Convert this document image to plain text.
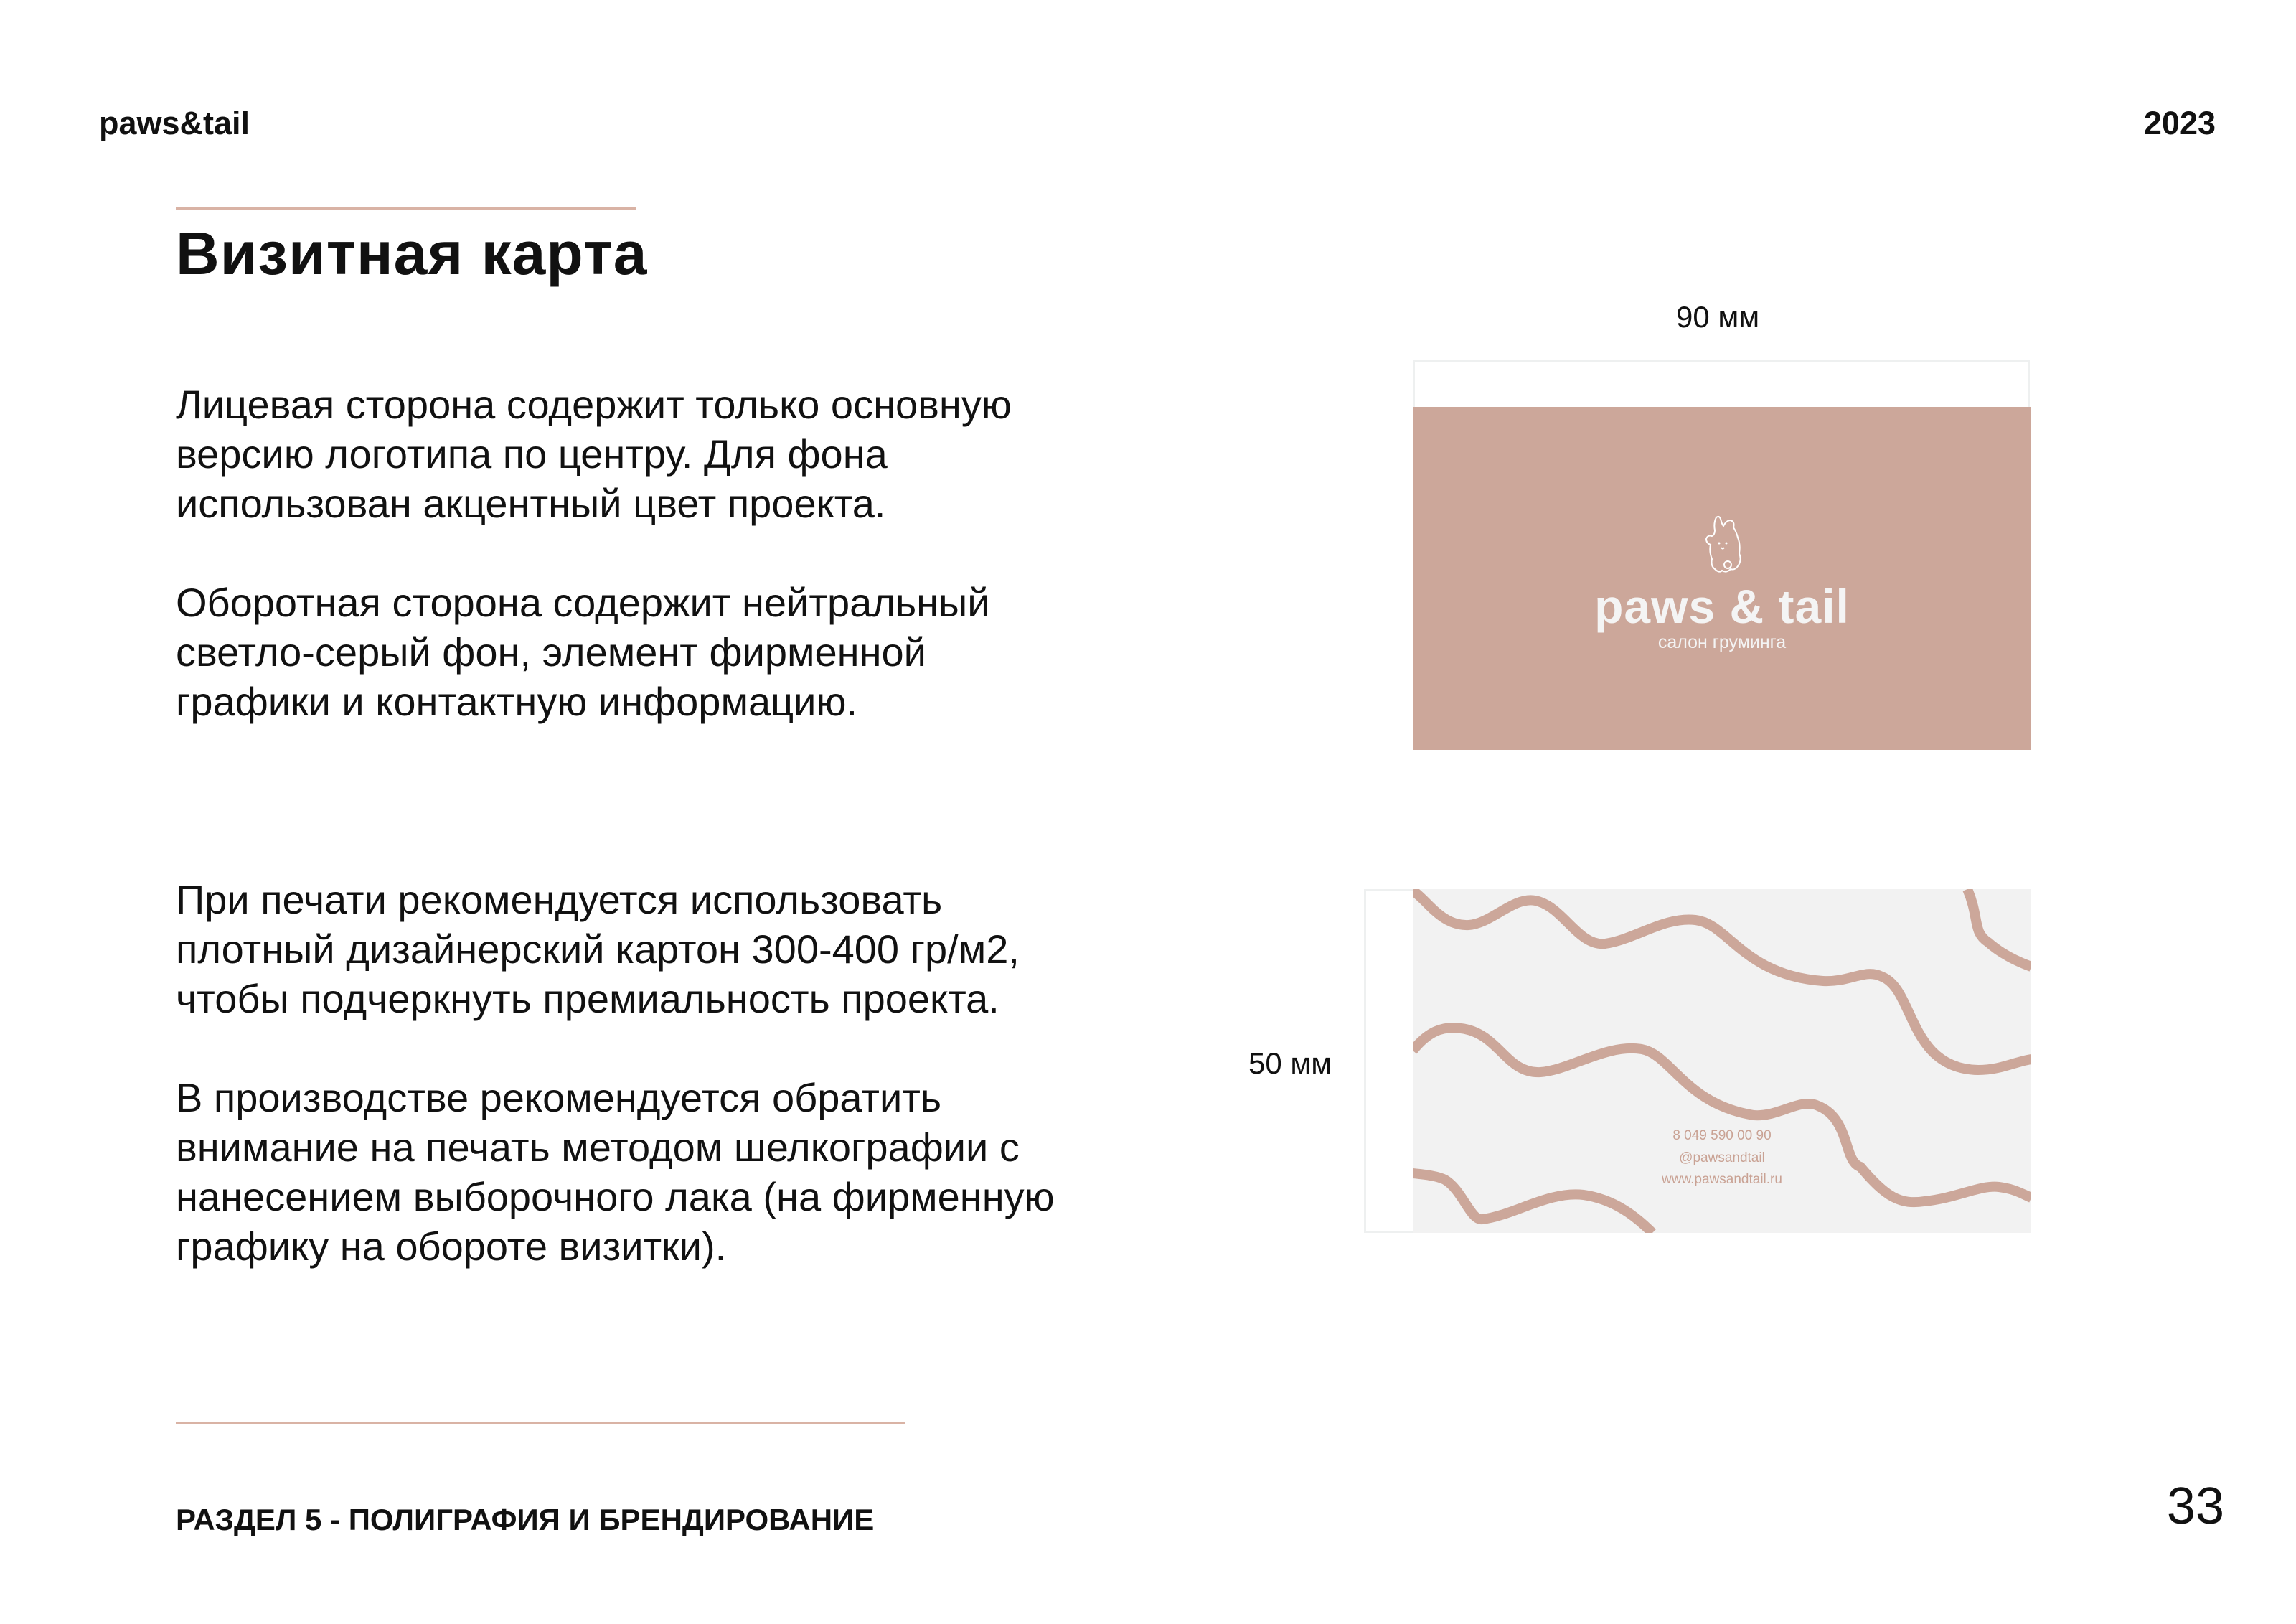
paws&tail	2023
Визитная карта
Лицевая сторона содержит только основную
версию логотипа по центру. Для фона
использован акцентный цвет проекта.
Оборотная сторона содержит нейтральный
светло-серый фон, элемент фирменной
графики и контактную информацию.
При печати рекомендуется использовать
плотный дизайнерский картон 300-400 гр/м2,
чтобы подчеркнуть премиальность проекта.
В производстве рекомендуется обратить
внимание на печать методом шелкографии с
нанесением выборочного лака (на фирменную
графику на обороте визитки).
90 мм
paws & tail
салон груминга
50 мм
8 049 590 00 90
@pawsandtail
www.pawsandtail.ru
РАЗДЕЛ 5 - ПОЛИГРАФИЯ И БРЕНДИРОВАНИЕ	33
